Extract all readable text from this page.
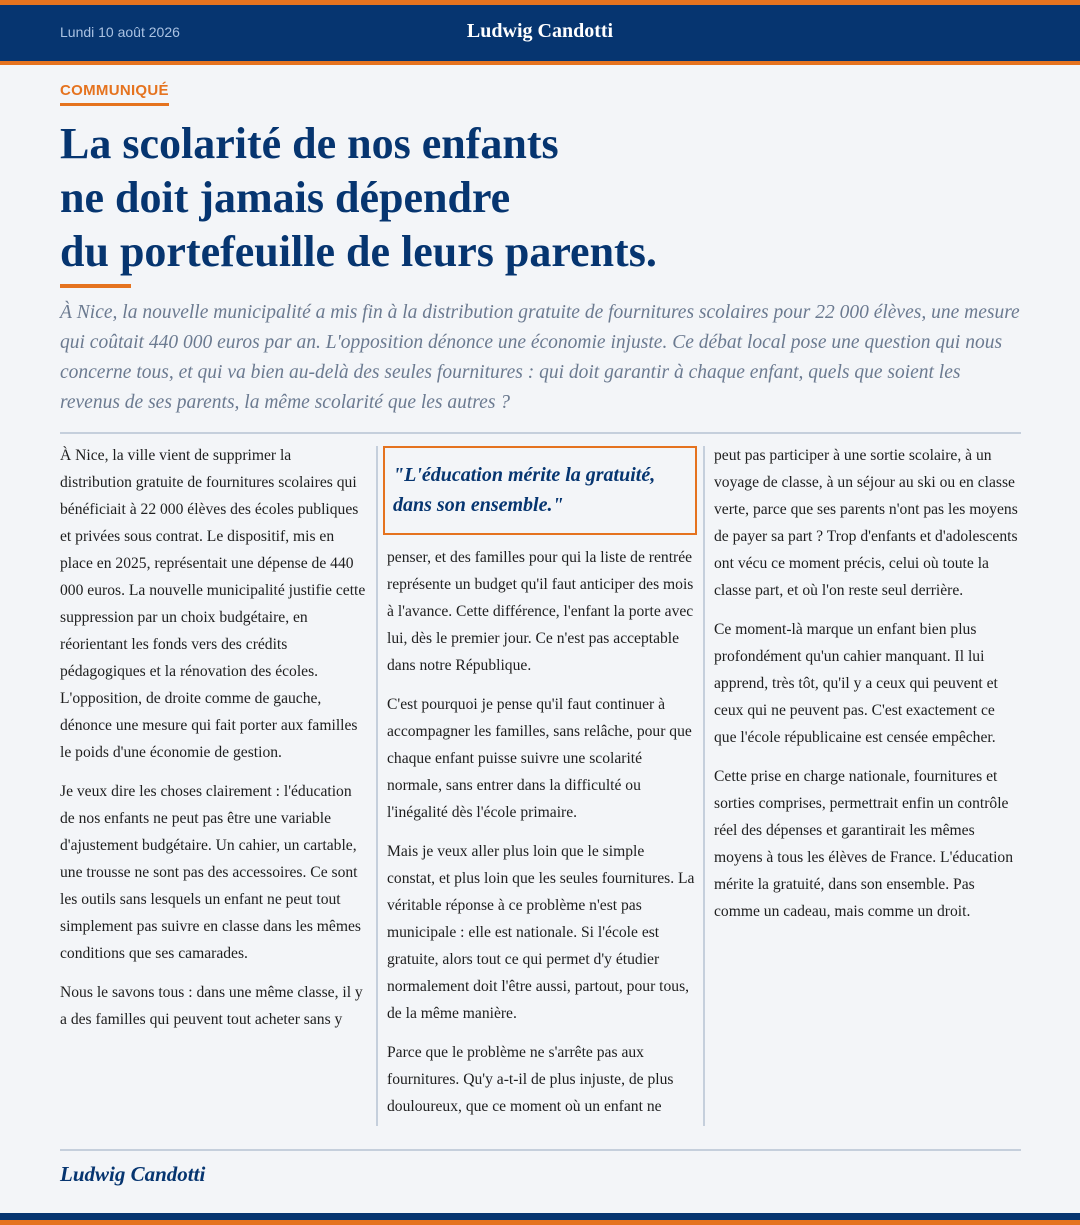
Lundi 10 août 2026	Ludwig Candotti
COMMUNIQUÉ
La scolarité de nos enfants
ne doit jamais dépendre
du portefeuille de leurs parents.

À Nice, la nouvelle municipalité a mis fin à la distribution gratuite de fournitures scolaires pour 22 000 élèves, une mesure qui coûtait 440 000 euros par an. L'opposition dénonce une économie injuste. Ce débat local pose une question qui nous concerne tous, et qui va bien au-delà des seules fournitures : qui doit garantir à chaque enfant, quels que soient les revenus de ses parents, la même scolarité que les autres ?

À Nice, la ville vient de supprimer la distribution gratuite de fournitures scolaires qui bénéficiait à 22 000 élèves des écoles publiques et privées sous contrat. Le dispositif, mis en place en 2025, représentait une dépense de 440 000 euros. La nouvelle municipalité justifie cette suppression par un choix budgétaire, en réorientant les fonds vers des crédits pédagogiques et la rénovation des écoles. L'opposition, de droite comme de gauche, dénonce une mesure qui fait porter aux familles le poids d'une économie de gestion.

Je veux dire les choses clairement : l'éducation de nos enfants ne peut pas être une variable d'ajustement budgétaire. Un cahier, un cartable, une trousse ne sont pas des accessoires. Ce sont les outils sans lesquels un enfant ne peut tout simplement pas suivre en classe dans les mêmes conditions que ses camarades.

Nous le savons tous : dans une même classe, il y a des familles qui peuvent tout acheter sans y

"L'éducation mérite la gratuité, dans son ensemble."

penser, et des familles pour qui la liste de rentrée représente un budget qu'il faut anticiper des mois à l'avance. Cette différence, l'enfant la porte avec lui, dès le premier jour. Ce n'est pas acceptable dans notre République.

C'est pourquoi je pense qu'il faut continuer à accompagner les familles, sans relâche, pour que chaque enfant puisse suivre une scolarité normale, sans entrer dans la difficulté ou l'inégalité dès l'école primaire.

Mais je veux aller plus loin que le simple constat, et plus loin que les seules fournitures. La véritable réponse à ce problème n'est pas municipale : elle est nationale. Si l'école est gratuite, alors tout ce qui permet d'y étudier normalement doit l'être aussi, partout, pour tous, de la même manière.

Parce que le problème ne s'arrête pas aux fournitures. Qu'y a-t-il de plus injuste, de plus douloureux, que ce moment où un enfant ne

peut pas participer à une sortie scolaire, à un voyage de classe, à un séjour au ski ou en classe verte, parce que ses parents n'ont pas les moyens de payer sa part ? Trop d'enfants et d'adolescents ont vécu ce moment précis, celui où toute la classe part, et où l'on reste seul derrière.

Ce moment-là marque un enfant bien plus profondément qu'un cahier manquant. Il lui apprend, très tôt, qu'il y a ceux qui peuvent et ceux qui ne peuvent pas. C'est exactement ce que l'école républicaine est censée empêcher.

Cette prise en charge nationale, fournitures et sorties comprises, permettrait enfin un contrôle réel des dépenses et garantirait les mêmes moyens à tous les élèves de France. L'éducation mérite la gratuité, dans son ensemble. Pas comme un cadeau, mais comme un droit.

Ludwig Candotti
